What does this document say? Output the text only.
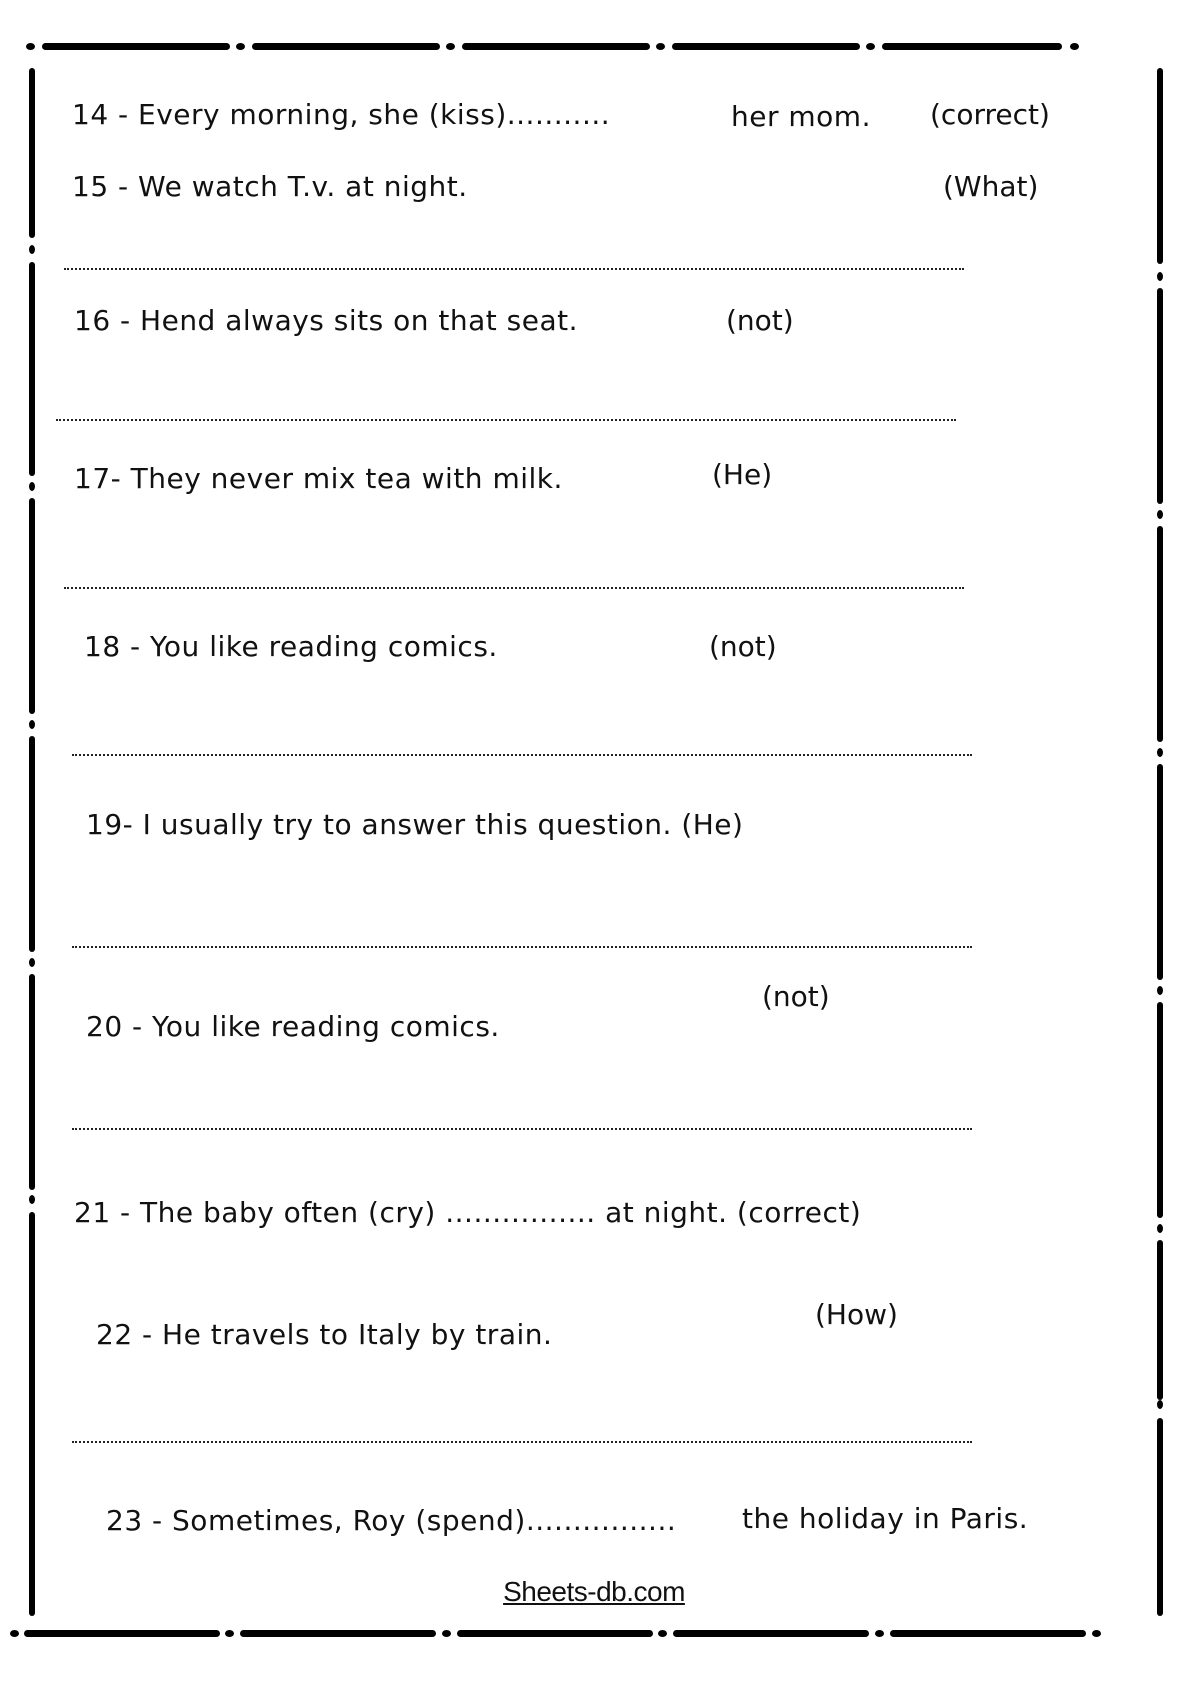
14 - Every morning, she (kiss)...........	her mom. (correct)
15 - We watch T.v. at night.	(What)
16 - Hend always sits on that seat.	(not)
17- They never mix tea with milk.	(He)
18 - You like reading comics.	(not)
19- I usually try to answer this question. (He)
(not)
20 - You like reading comics.
21 - The baby often (cry) ................ at night. (correct)
(How)
22 - He travels to Italy by train.
23 - Sometimes, Roy (spend)................ the holiday in Paris.
Sheets-db.com
